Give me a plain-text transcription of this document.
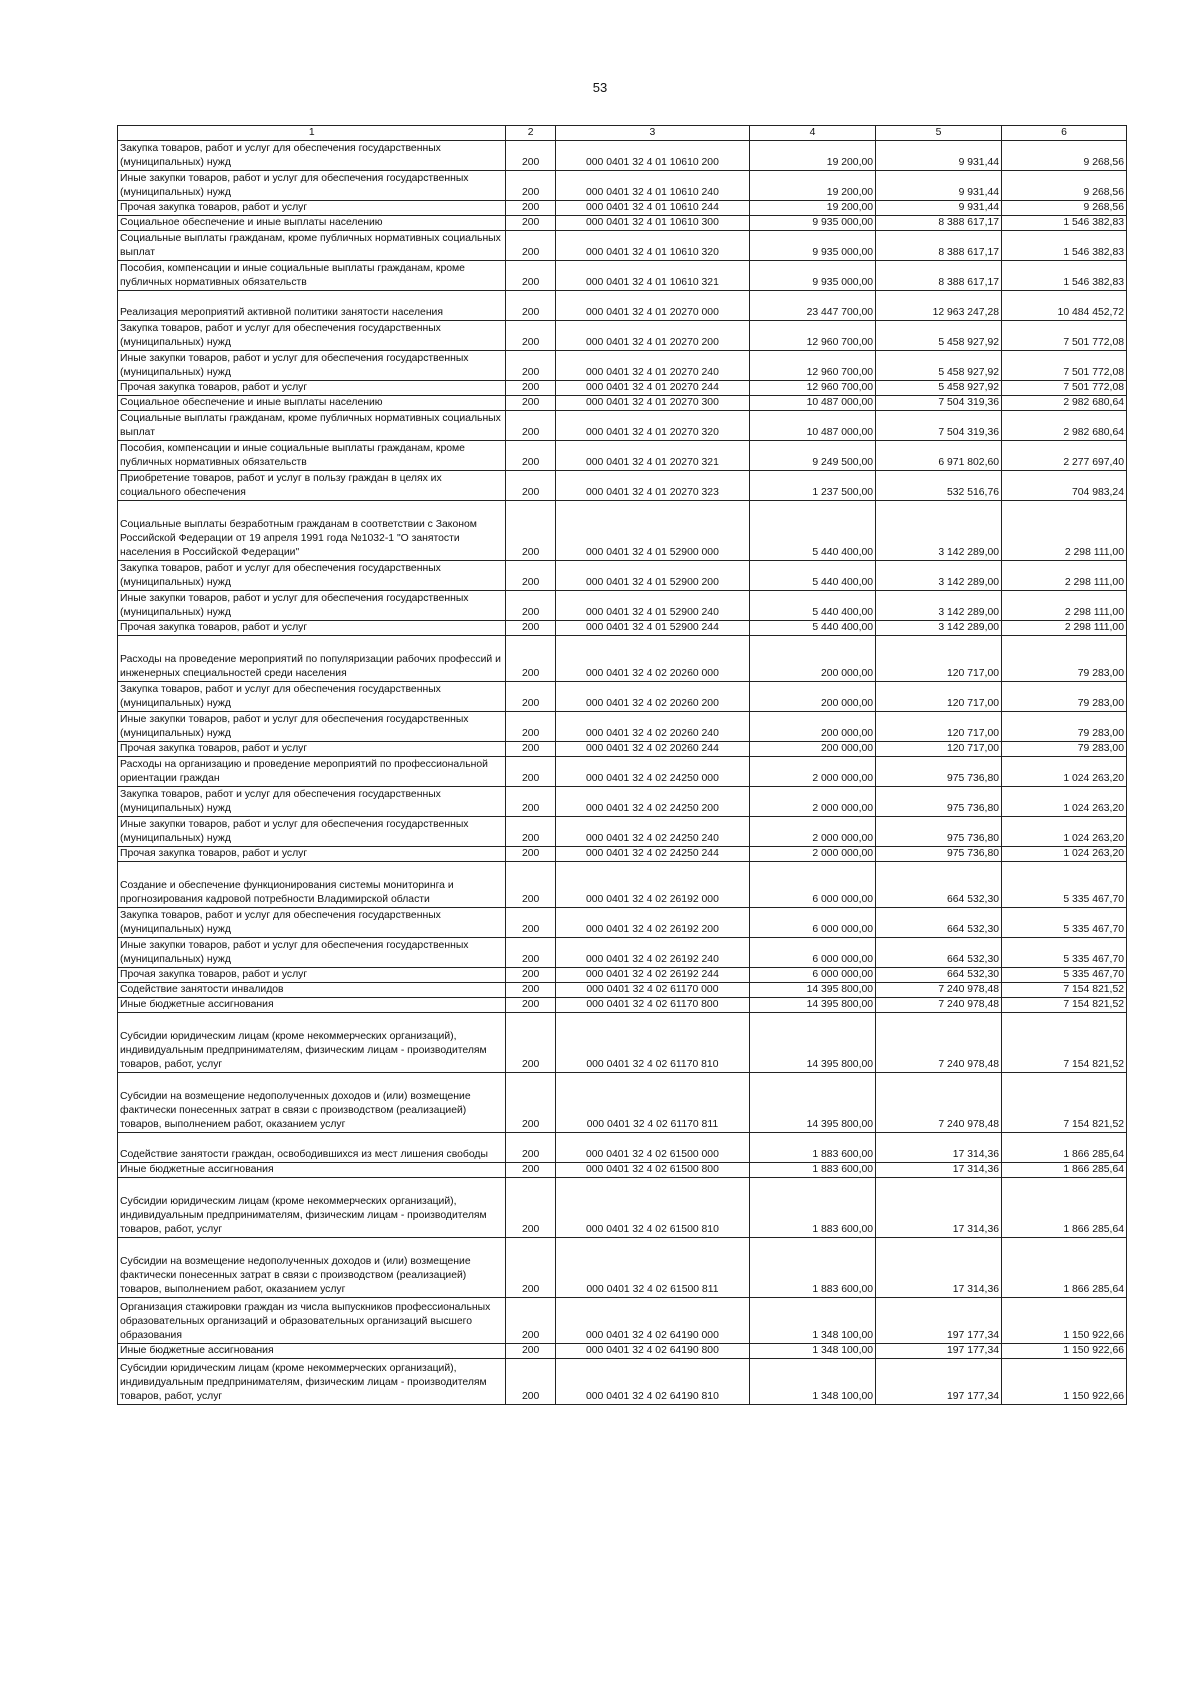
53
1	2	3	4	5	6
Закупка товаров, работ и услуг для обеспечения государственных (муниципальных) нужд	200	000 0401 32 4 01 10610 200	19 200,00	9 931,44	9 268,56
Иные закупки товаров, работ и услуг для обеспечения государственных (муниципальных) нужд	200	000 0401 32 4 01 10610 240	19 200,00	9 931,44	9 268,56
Прочая закупка товаров, работ и услуг	200	000 0401 32 4 01 10610 244	19 200,00	9 931,44	9 268,56
Социальное обеспечение и иные выплаты населению	200	000 0401 32 4 01 10610 300	9 935 000,00	8 388 617,17	1 546 382,83
Социальные выплаты гражданам, кроме публичных нормативных социальных выплат	200	000 0401 32 4 01 10610 320	9 935 000,00	8 388 617,17	1 546 382,83
Пособия, компенсации и иные социальные выплаты гражданам, кроме публичных нормативных обязательств	200	000 0401 32 4 01 10610 321	9 935 000,00	8 388 617,17	1 546 382,83
Реализация мероприятий активной политики занятости населения	200	000 0401 32 4 01 20270 000	23 447 700,00	12 963 247,28	10 484 452,72
Закупка товаров, работ и услуг для обеспечения государственных (муниципальных) нужд	200	000 0401 32 4 01 20270 200	12 960 700,00	5 458 927,92	7 501 772,08
Иные закупки товаров, работ и услуг для обеспечения государственных (муниципальных) нужд	200	000 0401 32 4 01 20270 240	12 960 700,00	5 458 927,92	7 501 772,08
Прочая закупка товаров, работ и услуг	200	000 0401 32 4 01 20270 244	12 960 700,00	5 458 927,92	7 501 772,08
Социальное обеспечение и иные выплаты населению	200	000 0401 32 4 01 20270 300	10 487 000,00	7 504 319,36	2 982 680,64
Социальные выплаты гражданам, кроме публичных нормативных социальных выплат	200	000 0401 32 4 01 20270 320	10 487 000,00	7 504 319,36	2 982 680,64
Пособия, компенсации и иные социальные выплаты гражданам, кроме публичных нормативных обязательств	200	000 0401 32 4 01 20270 321	9 249 500,00	6 971 802,60	2 277 697,40
Приобретение товаров, работ и услуг в пользу граждан в целях их социального обеспечения	200	000 0401 32 4 01 20270 323	1 237 500,00	532 516,76	704 983,24
Социальные выплаты безработным гражданам в соответствии с Законом Российской Федерации от 19 апреля 1991 года №1032-1 "О занятости населения в Российской Федерации"	200	000 0401 32 4 01 52900 000	5 440 400,00	3 142 289,00	2 298 111,00
Закупка товаров, работ и услуг для обеспечения государственных (муниципальных) нужд	200	000 0401 32 4 01 52900 200	5 440 400,00	3 142 289,00	2 298 111,00
Иные закупки товаров, работ и услуг для обеспечения государственных (муниципальных) нужд	200	000 0401 32 4 01 52900 240	5 440 400,00	3 142 289,00	2 298 111,00
Прочая закупка товаров, работ и услуг	200	000 0401 32 4 01 52900 244	5 440 400,00	3 142 289,00	2 298 111,00
Расходы на проведение мероприятий по популяризации рабочих профессий и инженерных специальностей среди населения	200	000 0401 32 4 02 20260 000	200 000,00	120 717,00	79 283,00
Закупка товаров, работ и услуг для обеспечения государственных (муниципальных) нужд	200	000 0401 32 4 02 20260 200	200 000,00	120 717,00	79 283,00
Иные закупки товаров, работ и услуг для обеспечения государственных (муниципальных) нужд	200	000 0401 32 4 02 20260 240	200 000,00	120 717,00	79 283,00
Прочая закупка товаров, работ и услуг	200	000 0401 32 4 02 20260 244	200 000,00	120 717,00	79 283,00
Расходы на организацию и проведение мероприятий по профессиональной ориентации граждан	200	000 0401 32 4 02 24250 000	2 000 000,00	975 736,80	1 024 263,20
Закупка товаров, работ и услуг для обеспечения государственных (муниципальных) нужд	200	000 0401 32 4 02 24250 200	2 000 000,00	975 736,80	1 024 263,20
Иные закупки товаров, работ и услуг для обеспечения государственных (муниципальных) нужд	200	000 0401 32 4 02 24250 240	2 000 000,00	975 736,80	1 024 263,20
Прочая закупка товаров, работ и услуг	200	000 0401 32 4 02 24250 244	2 000 000,00	975 736,80	1 024 263,20
Создание и обеспечение функционирования системы мониторинга и прогнозирования кадровой потребности Владимирской области	200	000 0401 32 4 02 26192 000	6 000 000,00	664 532,30	5 335 467,70
Закупка товаров, работ и услуг для обеспечения государственных (муниципальных) нужд	200	000 0401 32 4 02 26192 200	6 000 000,00	664 532,30	5 335 467,70
Иные закупки товаров, работ и услуг для обеспечения государственных (муниципальных) нужд	200	000 0401 32 4 02 26192 240	6 000 000,00	664 532,30	5 335 467,70
Прочая закупка товаров, работ и услуг	200	000 0401 32 4 02 26192 244	6 000 000,00	664 532,30	5 335 467,70
Содействие занятости инвалидов	200	000 0401 32 4 02 61170 000	14 395 800,00	7 240 978,48	7 154 821,52
Иные бюджетные ассигнования	200	000 0401 32 4 02 61170 800	14 395 800,00	7 240 978,48	7 154 821,52
Субсидии юридическим лицам (кроме некоммерческих организаций), индивидуальным предпринимателям, физическим лицам - производителям товаров, работ, услуг	200	000 0401 32 4 02 61170 810	14 395 800,00	7 240 978,48	7 154 821,52
Субсидии на возмещение недополученных доходов и (или) возмещение фактически понесенных затрат в связи с производством (реализацией) товаров, выполнением работ, оказанием услуг	200	000 0401 32 4 02 61170 811	14 395 800,00	7 240 978,48	7 154 821,52
Содействие занятости граждан, освободившихся из мест лишения свободы	200	000 0401 32 4 02 61500 000	1 883 600,00	17 314,36	1 866 285,64
Иные бюджетные ассигнования	200	000 0401 32 4 02 61500 800	1 883 600,00	17 314,36	1 866 285,64
Субсидии юридическим лицам (кроме некоммерческих организаций), индивидуальным предпринимателям, физическим лицам - производителям товаров, работ, услуг	200	000 0401 32 4 02 61500 810	1 883 600,00	17 314,36	1 866 285,64
Субсидии на возмещение недополученных доходов и (или) возмещение фактически понесенных затрат в связи с производством (реализацией) товаров, выполнением работ, оказанием услуг	200	000 0401 32 4 02 61500 811	1 883 600,00	17 314,36	1 866 285,64
Организация стажировки граждан из числа выпускников профессиональных образовательных организаций и образовательных организаций высшего образования	200	000 0401 32 4 02 64190 000	1 348 100,00	197 177,34	1 150 922,66
Иные бюджетные ассигнования	200	000 0401 32 4 02 64190 800	1 348 100,00	197 177,34	1 150 922,66
Субсидии юридическим лицам (кроме некоммерческих организаций), индивидуальным предпринимателям, физическим лицам - производителям товаров, работ, услуг	200	000 0401 32 4 02 64190 810	1 348 100,00	197 177,34	1 150 922,66
